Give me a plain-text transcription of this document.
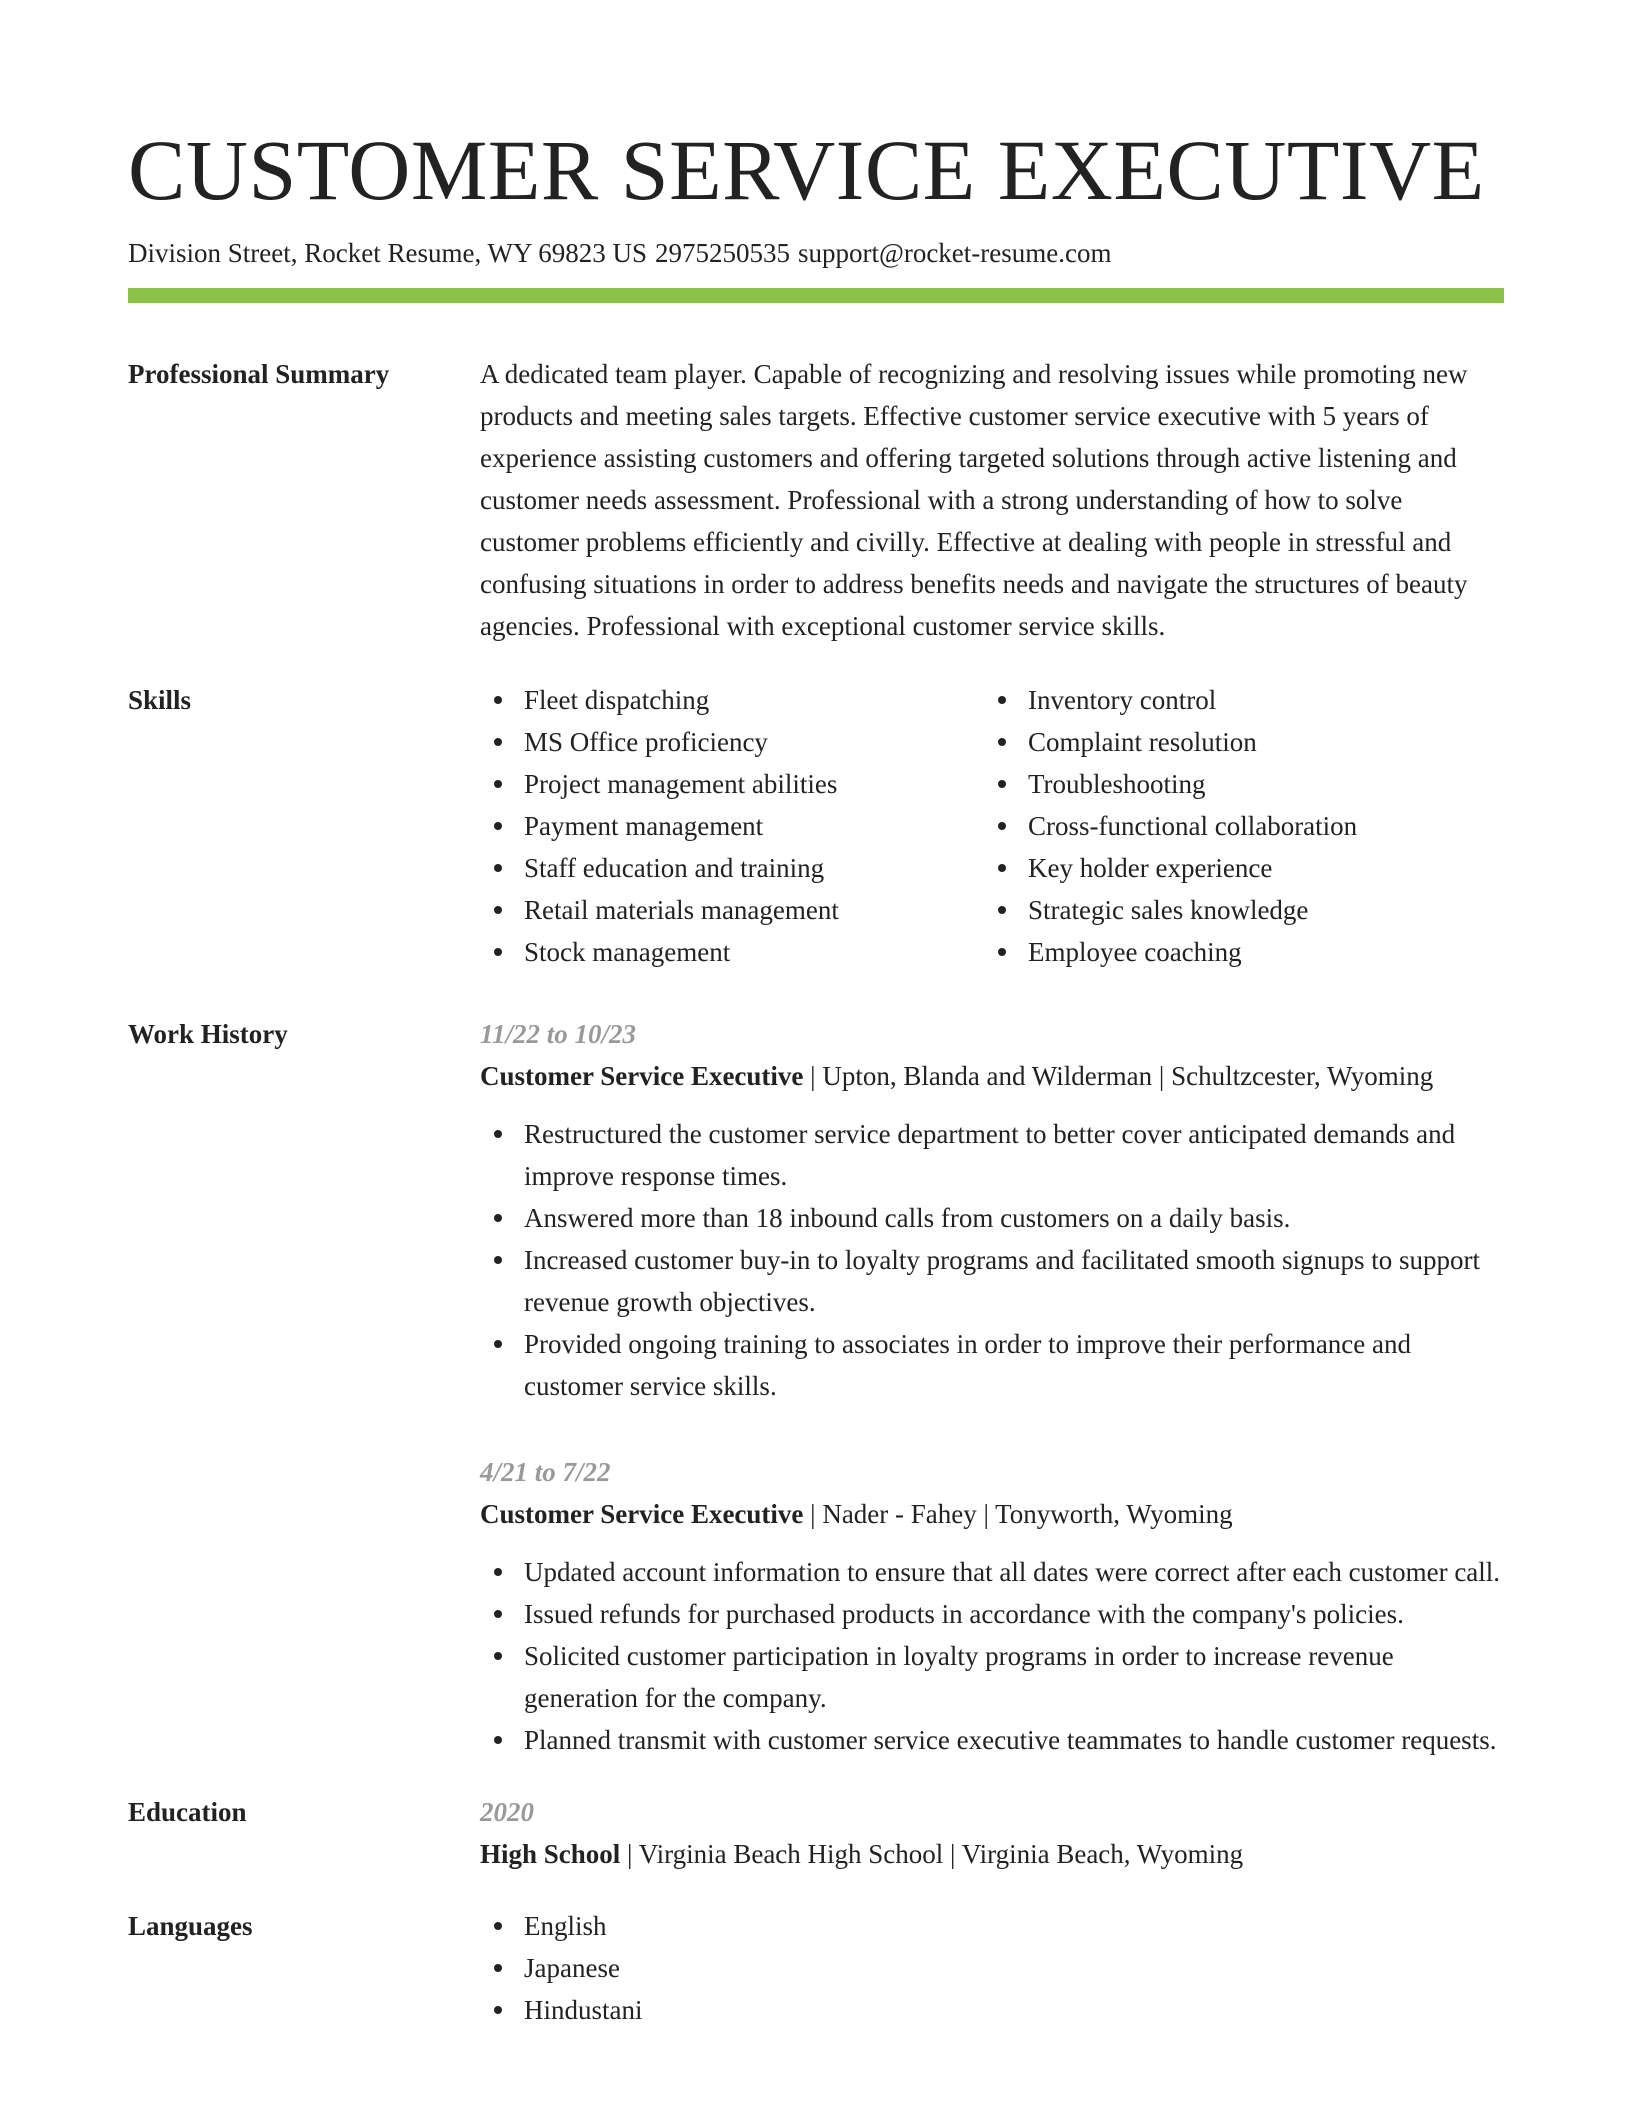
CUSTOMER SERVICE EXECUTIVE
Division Street, Rocket Resume, WY 69823 US 2975250535 support@rocket-resume.com
Professional Summary	A dedicated team player. Capable of recognizing and resolving issues while promoting new products and meeting sales targets. Effective customer service executive with 5 years of experience assisting customers and offering targeted solutions through active listening and customer needs assessment. Professional with a strong understanding of how to solve customer problems efficiently and civilly. Effective at dealing with people in stressful and confusing situations in order to address benefits needs and navigate the structures of beauty agencies. Professional with exceptional customer service skills.
Skills	Fleet dispatching
MS Office proficiency
Project management abilities
Payment management
Staff education and training
Retail materials management
Stock management
Inventory control
Complaint resolution
Troubleshooting
Cross-functional collaboration
Key holder experience
Strategic sales knowledge
Employee coaching
Work History	11/22 to 10/23
Customer Service Executive | Upton, Blanda and Wilderman | Schultzcester, Wyoming
Restructured the customer service department to better cover anticipated demands and improve response times.
Answered more than 18 inbound calls from customers on a daily basis.
Increased customer buy-in to loyalty programs and facilitated smooth signups to support revenue growth objectives.
Provided ongoing training to associates in order to improve their performance and customer service skills.
4/21 to 7/22
Customer Service Executive | Nader - Fahey | Tonyworth, Wyoming
Updated account information to ensure that all dates were correct after each customer call.
Issued refunds for purchased products in accordance with the company's policies.
Solicited customer participation in loyalty programs in order to increase revenue generation for the company.
Planned transmit with customer service executive teammates to handle customer requests.
Education	2020
High School | Virginia Beach High School | Virginia Beach, Wyoming
Languages	English
Japanese
Hindustani
